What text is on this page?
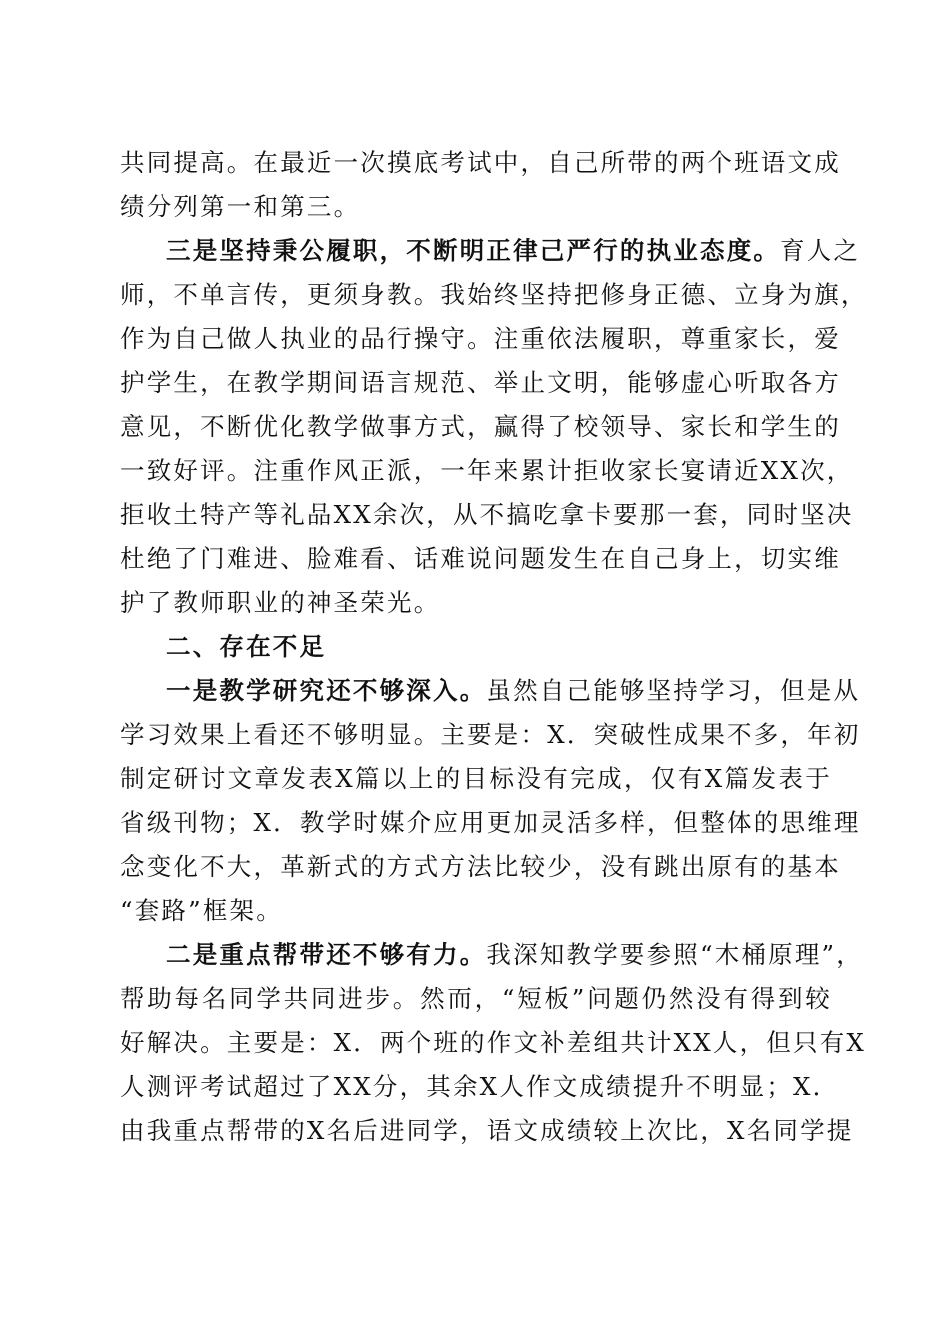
共同提高。在最近一次摸底考试中，自己所带的两个班语文成
绩分列第一和第三。
三是坚持秉公履职，不断明正律己严行的执业态度。育人之
师，不单言传，更须身教。我始终坚持把修身正德、立身为旗，
作为自己做人执业的品行操守。注重依法履职，尊重家长，爱
护学生，在教学期间语言规范、举止文明，能够虚心听取各方
意见，不断优化教学做事方式，赢得了校领导、家长和学生的
一致好评。注重作风正派，一年来累计拒收家长宴请近XX次，
拒收土特产等礼品XX余次，从不搞吃拿卡要那一套，同时坚决
杜绝了门难进、脸难看、话难说问题发生在自己身上，切实维
护了教师职业的神圣荣光。
二、存在不足
一是教学研究还不够深入。虽然自己能够坚持学习，但是从
学习效果上看还不够明显。主要是：X．突破性成果不多，年初
制定研讨文章发表X篇以上的目标没有完成，仅有X篇发表于
省级刊物；X．教学时媒介应用更加灵活多样，但整体的思维理
念变化不大，革新式的方式方法比较少，没有跳出原有的基本
“套路”框架。
二是重点帮带还不够有力。我深知教学要参照“木桶原理”，
帮助每名同学共同进步。然而，“短板”问题仍然没有得到较
好解决。主要是：X．两个班的作文补差组共计XX人，但只有X
人测评考试超过了XX分，其余X人作文成绩提升不明显；X．
由我重点帮带的X名后进同学，语文成绩较上次比，X名同学提
